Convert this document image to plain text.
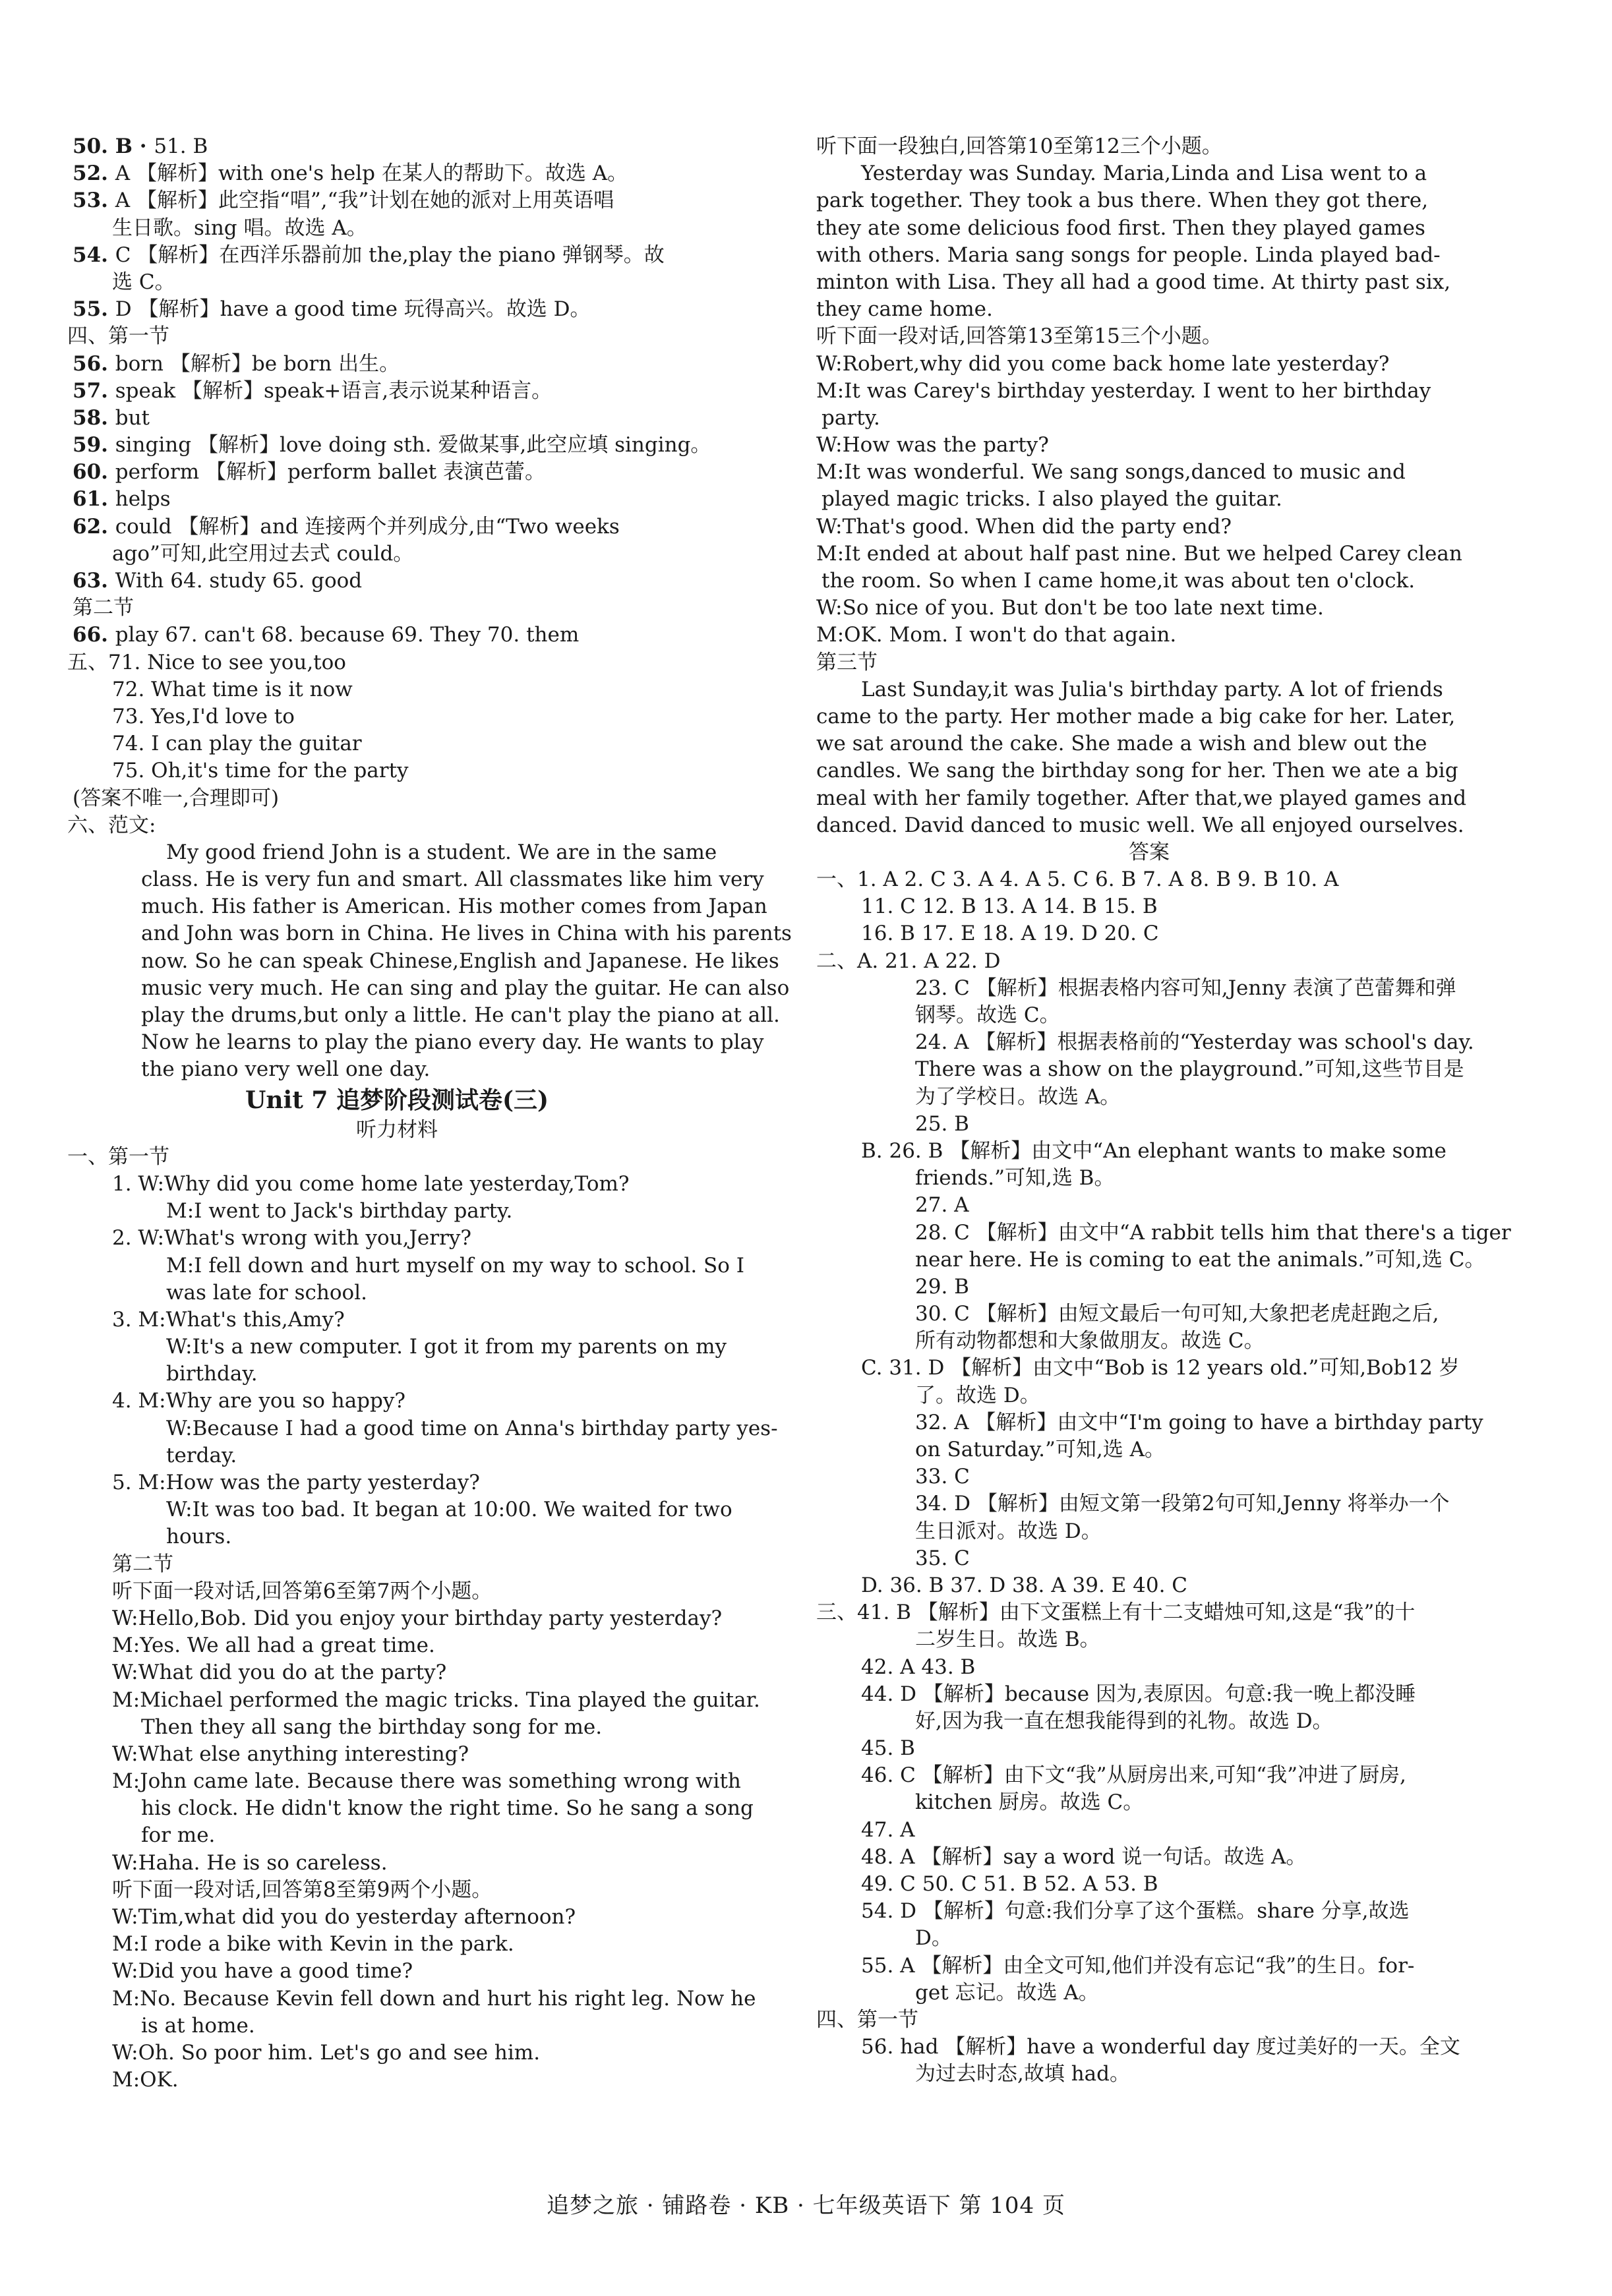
50. B · 51. B
52. A 【解析】with one's help 在某人的帮助下。故选 A。
53. A 【解析】此空指“唱”,“我”计划在她的派对上用英语唱
生日歌。sing 唱。故选 A。
54. C 【解析】在西洋乐器前加 the,play the piano 弹钢琴。故
选 C。
55. D 【解析】have a good time 玩得高兴。故选 D。
四、第一节
56. born 【解析】be born 出生。
57. speak 【解析】speak+语言,表示说某种语言。
58. but
59. singing 【解析】love doing sth. 爱做某事,此空应填 singing。
60. perform 【解析】perform ballet 表演芭蕾。
61. helps
62. could 【解析】and 连接两个并列成分,由“Two weeks
ago”可知,此空用过去式 could。
63. With 64. study 65. good
第二节
66. play 67. can't 68. because 69. They 70. them
五、71. Nice to see you,too
72. What time is it now
73. Yes,I'd love to
74. I can play the guitar
75. Oh,it's time for the party
(答案不唯一,合理即可)
六、范文:
My good friend John is a student. We are in the same
class. He is very fun and smart. All classmates like him very
much. His father is American. His mother comes from Japan
and John was born in China. He lives in China with his parents
now. So he can speak Chinese,English and Japanese. He likes
music very much. He can sing and play the guitar. He can also
play the drums,but only a little. He can't play the piano at all.
Now he learns to play the piano every day. He wants to play
the piano very well one day.
Unit 7 追梦阶段测试卷(三)
听力材料
一、第一节
1. W:Why did you come home late yesterday,Tom?
M:I went to Jack's birthday party.
2. W:What's wrong with you,Jerry?
M:I fell down and hurt myself on my way to school. So I
was late for school.
3. M:What's this,Amy?
W:It's a new computer. I got it from my parents on my
birthday.
4. M:Why are you so happy?
W:Because I had a good time on Anna's birthday party yes-
terday.
5. M:How was the party yesterday?
W:It was too bad. It began at 10:00. We waited for two
hours.
第二节
听下面一段对话,回答第6至第7两个小题。
W:Hello,Bob. Did you enjoy your birthday party yesterday?
M:Yes. We all had a great time.
W:What did you do at the party?
M:Michael performed the magic tricks. Tina played the guitar.
Then they all sang the birthday song for me.
W:What else anything interesting?
M:John came late. Because there was something wrong with
his clock. He didn't know the right time. So he sang a song
for me.
W:Haha. He is so careless.
听下面一段对话,回答第8至第9两个小题。
W:Tim,what did you do yesterday afternoon?
M:I rode a bike with Kevin in the park.
W:Did you have a good time?
M:No. Because Kevin fell down and hurt his right leg. Now he
is at home.
W:Oh. So poor him. Let's go and see him.
M:OK.
听下面一段独白,回答第10至第12三个小题。
Yesterday was Sunday. Maria,Linda and Lisa went to a
park together. They took a bus there. When they got there,
they ate some delicious food first. Then they played games
with others. Maria sang songs for people. Linda played bad-
minton with Lisa. They all had a good time. At thirty past six,
they came home.
听下面一段对话,回答第13至第15三个小题。
W:Robert,why did you come back home late yesterday?
M:It was Carey's birthday yesterday. I went to her birthday
party.
W:How was the party?
M:It was wonderful. We sang songs,danced to music and
played magic tricks. I also played the guitar.
W:That's good. When did the party end?
M:It ended at about half past nine. But we helped Carey clean
the room. So when I came home,it was about ten o'clock.
W:So nice of you. But don't be too late next time.
M:OK. Mom. I won't do that again.
第三节
Last Sunday,it was Julia's birthday party. A lot of friends
came to the party. Her mother made a big cake for her. Later,
we sat around the cake. She made a wish and blew out the
candles. We sang the birthday song for her. Then we ate a big
meal with her family together. After that,we played games and
danced. David danced to music well. We all enjoyed ourselves.
答案
一、1. A 2. C 3. A 4. A 5. C 6. B 7. A 8. B 9. B 10. A
11. C 12. B 13. A 14. B 15. B
16. B 17. E 18. A 19. D 20. C
二、A. 21. A 22. D
23. C 【解析】根据表格内容可知,Jenny 表演了芭蕾舞和弹
钢琴。故选 C。
24. A 【解析】根据表格前的“Yesterday was school's day.
There was a show on the playground.”可知,这些节目是
为了学校日。故选 A。
25. B
B. 26. B 【解析】由文中“An elephant wants to make some
friends.”可知,选 B。
27. A
28. C 【解析】由文中“A rabbit tells him that there's a tiger
near here. He is coming to eat the animals.”可知,选 C。
29. B
30. C 【解析】由短文最后一句可知,大象把老虎赶跑之后,
所有动物都想和大象做朋友。故选 C。
C. 31. D 【解析】由文中“Bob is 12 years old.”可知,Bob12 岁
了。故选 D。
32. A 【解析】由文中“I'm going to have a birthday party
on Saturday.”可知,选 A。
33. C
34. D 【解析】由短文第一段第2句可知,Jenny 将举办一个
生日派对。故选 D。
35. C
D. 36. B 37. D 38. A 39. E 40. C
三、41. B 【解析】由下文蛋糕上有十二支蜡烛可知,这是“我”的十
二岁生日。故选 B。
42. A 43. B
44. D 【解析】because 因为,表原因。句意:我一晚上都没睡
好,因为我一直在想我能得到的礼物。故选 D。
45. B
46. C 【解析】由下文“我”从厨房出来,可知“我”冲进了厨房,
kitchen 厨房。故选 C。
47. A
48. A 【解析】say a word 说一句话。故选 A。
49. C 50. C 51. B 52. A 53. B
54. D 【解析】句意:我们分享了这个蛋糕。share 分享,故选
D。
55. A 【解析】由全文可知,他们并没有忘记“我”的生日。for-
get 忘记。故选 A。
四、第一节
56. had 【解析】have a wonderful day 度过美好的一天。全文
为过去时态,故填 had。
追梦之旅 · 铺路卷 · KB · 七年级英语下 第 104 页
